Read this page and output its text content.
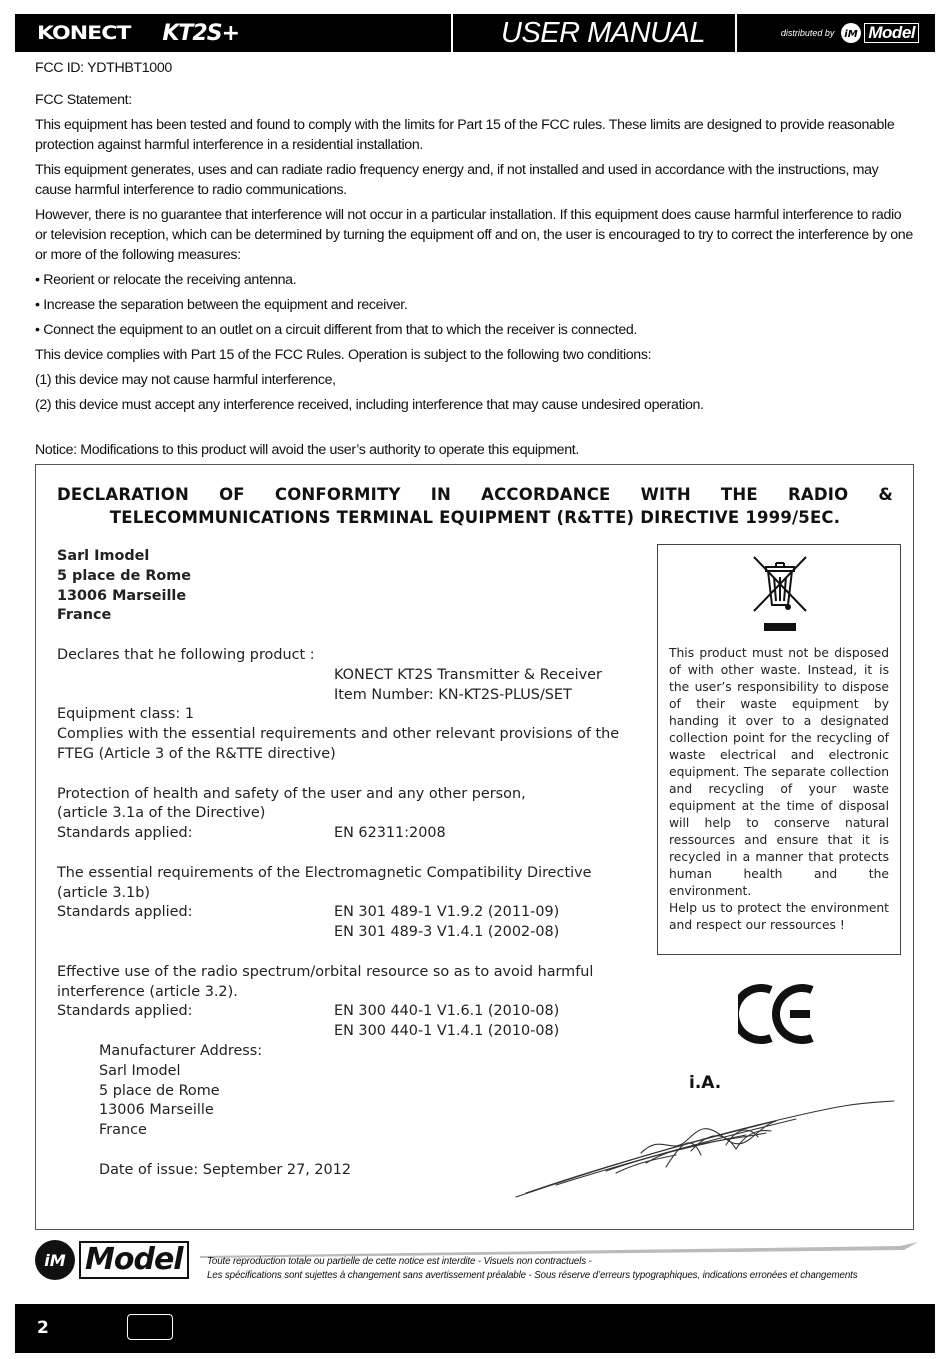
KONECT KT2S+	USER MANUAL	distributed by iM Model

FCC ID: YDTHBT1000

FCC Statement:

This equipment has been tested and found to comply with the limits for Part 15 of the FCC rules. These limits are designed to provide reasonable protection against harmful interference in a residential installation.

This equipment generates, uses and can radiate radio frequency energy and, if not installed and used in accordance with the instructions, may cause harmful interference to radio communications.

However, there is no guarantee that interference will not occur in a particular installation. If this equipment does cause harmful interference to radio or television reception, which can be determined by turning the equipment off and on, the user is encouraged to try to correct the interference by one or more of the following measures:

• Reorient or relocate the receiving antenna.

• Increase the separation between the equipment and receiver.

• Connect the equipment to an outlet on a circuit different from that to which the receiver is connected.

This device complies with Part 15 of the FCC Rules. Operation is subject to the following two conditions:

(1) this device may not cause harmful interference,

(2) this device must accept any interference received, including interference that may cause undesired operation.

Notice: Modifications to this product will avoid the user’s authority to operate this equipment.

DECLARATION OF CONFORMITY IN ACCORDANCE WITH THE RADIO & TELECOMMUNICATIONS TERMINAL EQUIPMENT (R&TTE) DIRECTIVE 1999/5EC.
Sarl Imodel
5 place de Rome
13006 Marseille
France
Declares that he following product :
KONECT KT2S Transmitter & Receiver
Item Number: KN-KT2S-PLUS/SET
Equipment class: 1
Complies with the essential requirements and other relevant provisions of the
FTEG (Article 3 of the R&TTE directive)
Protection of health and safety of the user and any other person,
(article 3.1a of the Directive)
Standards applied:	EN 62311:2008
The essential requirements of the Electromagnetic Compatibility Directive
(article 3.1b)
Standards applied:	EN 301 489-1 V1.9.2 (2011-09)
EN 301 489-3 V1.4.1 (2002-08)
Effective use of the radio spectrum/orbital resource so as to avoid harmful
interference (article 3.2).
Standards applied:	EN 300 440-1 V1.6.1 (2010-08)
EN 300 440-1 V1.4.1 (2010-08)
Manufacturer Address:
Sarl Imodel
5 place de Rome
13006 Marseille
France
Date of issue: September 27, 2012
This product must not be disposed of with other waste. Instead, it is the user’s responsibility to dispose of their waste equipment by handing it over to a designated collection point for the recycling of waste electrical and electronic equipment. The separate collection and recycling of your waste equipment at the time of disposal will help to conserve natural ressources and ensure that it is recycled in a manner that protects human health and the environment.
Help us to protect the environment and respect our ressources !
i.A.
iM Model	Toute reproduction totale ou partielle de cette notice est interdite - Visuels non contractuels -
Les spécifications sont sujettes à changement sans avertissement préalable - Sous réserve d’erreurs typographiques, indications erronées et changements
2
